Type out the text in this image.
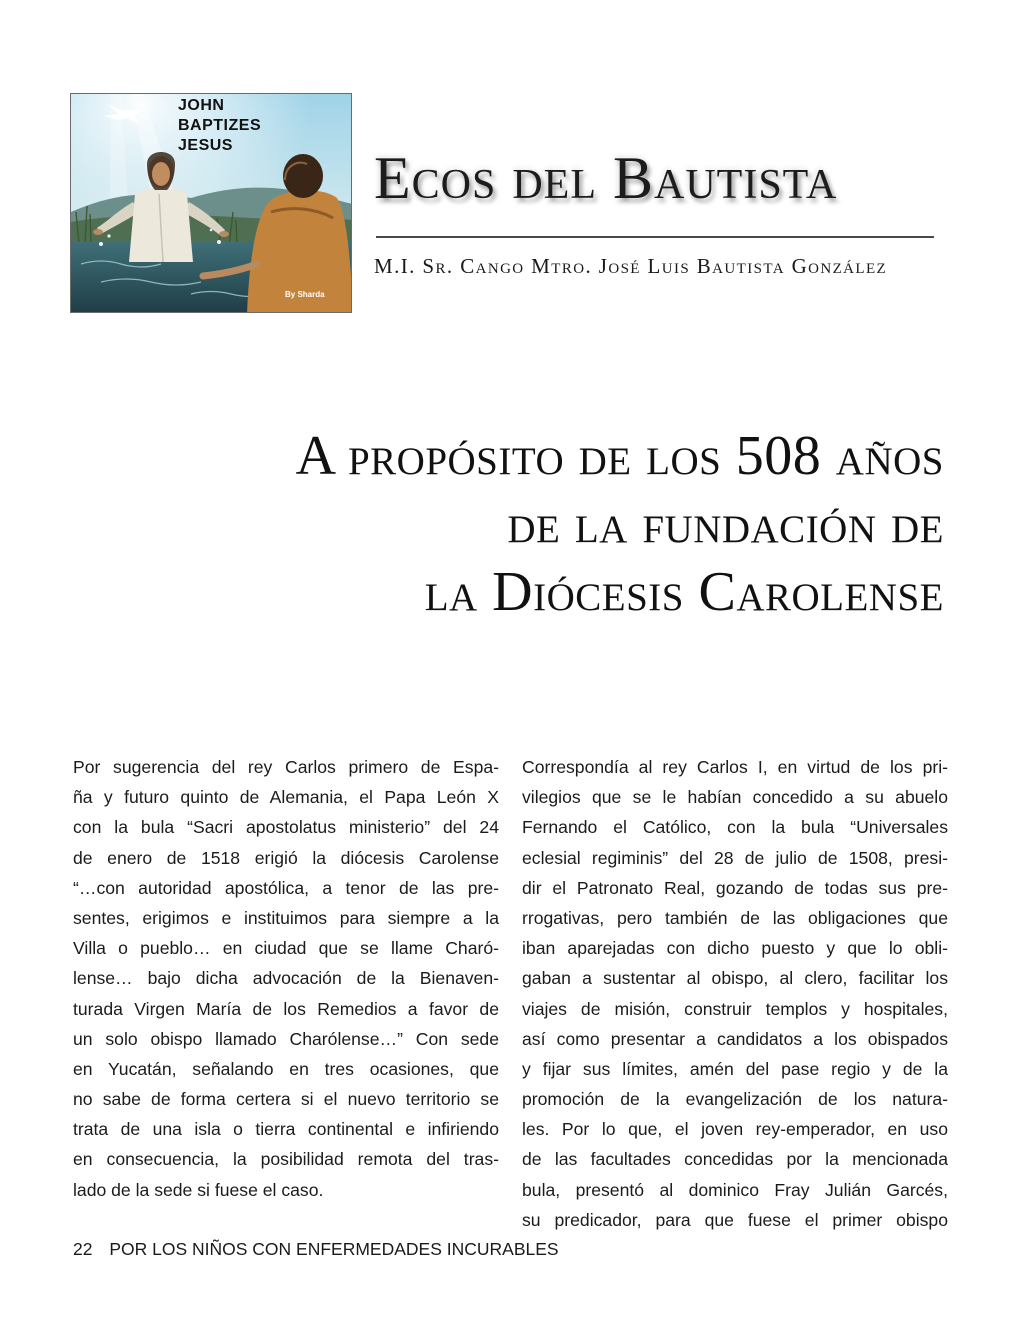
JOHN
BAPTIZES
JESUS
By Sharda
Ecos del Bautista

M.I. Sr. Cango Mtro. José Luis Bautista González

A propósito de los 508 años
de la fundación de
la Diócesis Carolense
Por sugerencia del rey Carlos primero de Espa-
ña y futuro quinto de Alemania, el Papa León X
con la bula “Sacri apostolatus ministerio” del 24
de enero de 1518 erigió la diócesis Carolense
“…con autoridad apostólica, a tenor de las pre-
sentes, erigimos e instituimos para siempre a la
Villa o pueblo… en ciudad que se llame Charó-
lense… bajo dicha advocación de la Bienaven-
turada Virgen María de los Remedios a favor de
un solo obispo llamado Charólense…” Con sede
en Yucatán, señalando en tres ocasiones, que
no sabe de forma certera si el nuevo territorio se
trata de una isla o tierra continental e infiriendo
en consecuencia, la posibilidad remota del tras-
lado de la sede si fuese el caso.
Correspondía al rey Carlos I, en virtud de los pri-
vilegios que se le habían concedido a su abuelo
Fernando el Católico, con la bula “Universales
eclesial regiminis” del 28 de julio de 1508, presi-
dir el Patronato Real, gozando de todas sus pre-
rrogativas, pero también de las obligaciones que
iban aparejadas con dicho puesto y que lo obli-
gaban a sustentar al obispo, al clero, facilitar los
viajes de misión, construir templos y hospitales,
así como presentar a candidatos a los obispados
y fijar sus límites, amén del pase regio y de la
promoción de la evangelización de los natura-
les. Por lo que, el joven rey-emperador, en uso
de las facultades concedidas por la mencionada
bula, presentó al dominico Fray Julián Garcés,
su predicador, para que fuese el primer obispo
22 POR LOS NIÑOS CON ENFERMEDADES INCURABLES
